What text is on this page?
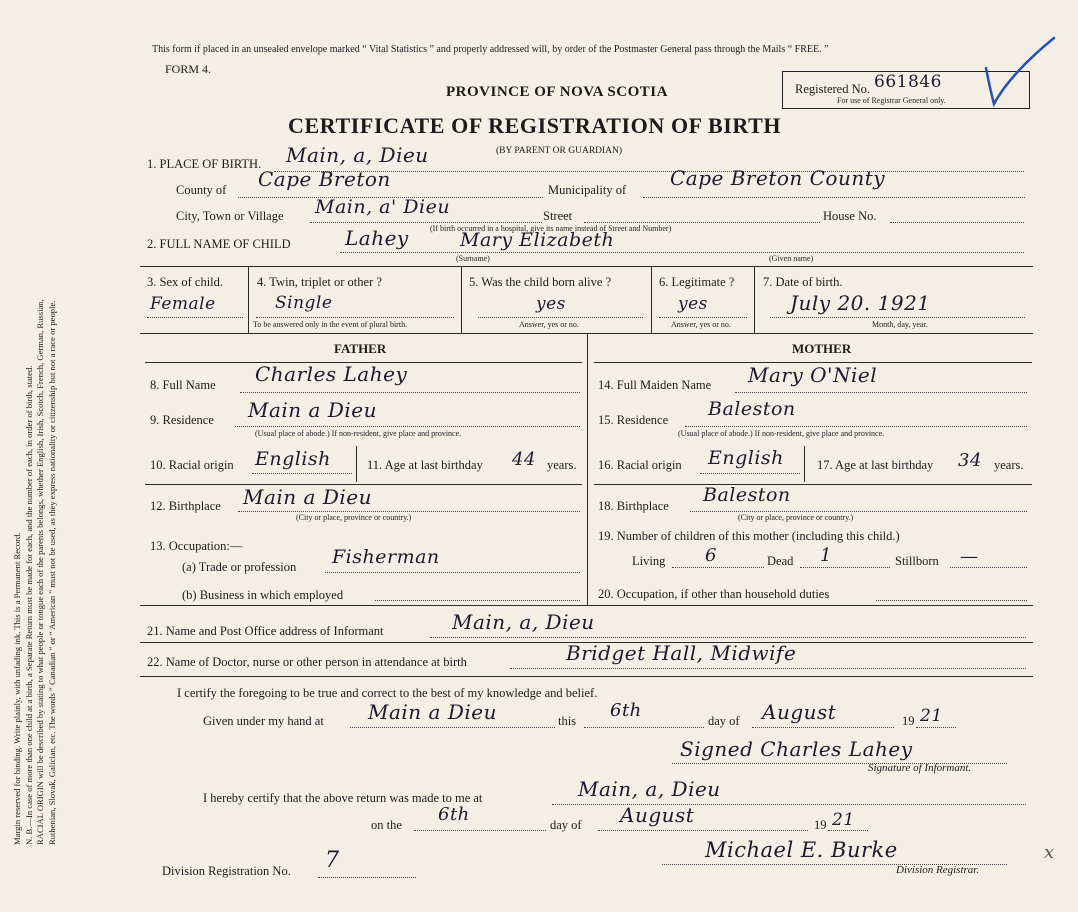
Margin reserved for binding. Write plainly, with unfading ink. This is a Permanent Record. N. B.—In case of more than one child at a birth, a Separate Return must be made for each, and the number of each, in order of birth, stated. RACIAL ORIGIN will be described by stating to what people or tongue each of the parents belongs, whether English, Irish, Scotch, French, German, Russian, Ruthenian, Slovak, Galician, etc. The words “ Canadian ” or “ American ” must not be used, as they express nationality or citizenship but not a race or people.
This form if placed in an unsealed envelope marked “ Vital Statistics ” and properly addressed will, by order of the Postmaster General pass through the Mails “ FREE. ”
FORM 4.
PROVINCE OF NOVA SCOTIA
CERTIFICATE OF REGISTRATION OF BIRTH
(BY PARENT OR GUARDIAN)
Registered No. 661846
For use of Registrar General only.
1. PLACE OF BIRTH. Main, a, Dieu
County of Cape Breton	Municipality of Cape Breton County
City, Town or Village Main, a' Dieu	Street	House No.
(If birth occurred in a hospital, give its name instead of Street and Number)
2. FULL NAME OF CHILD	Lahey	Mary Elizabeth
(Surname)	(Given name)
3. Sex of child.
Female
4. Twin, triplet or other ?
Single
To be answered only in the event of plural birth.
5. Was the child born alive ?
yes
Answer, yes or no.
6. Legitimate ?
yes
Answer, yes or no.
7. Date of birth.
July 20. 1921
Month, day, year.
FATHER	MOTHER
8. Full Name Charles Lahey
9. Residence Main a Dieu
(Usual place of abode.) If non-resident, give place and province.
10. Racial origin English	11. Age at last birthday 44 years.
12. Birthplace Main a Dieu
(City or place, province or country.)
13. Occupation:—
(a) Trade or profession Fisherman
(b) Business in which employed
14. Full Maiden Name Mary O'Niel
15. Residence Baleston
(Usual place of abode.) If non-resident, give place and province.
16. Racial origin English	17. Age at last birthday 34 years.
18. Birthplace Baleston
(City or place, province or country.)
19. Number of children of this mother (including this child.)
Living 6	Dead 1	Stillborn —
20. Occupation, if other than household duties
21. Name and Post Office address of Informant	Main, a, Dieu
22. Name of Doctor, nurse or other person in attendance at birth	Bridget Hall, Midwife
I certify the foregoing to be true and correct to the best of my knowledge and belief.
Given under my hand at Main a Dieu	this 6th	day of August	19 21
Signed Charles Lahey
Signature of Informant.
I hereby certify that the above return was made to me at	Main, a, Dieu
on the 6th	day of August	19 21
Division Registration No. 7	Michael E. Burke
Division Registrar.
x
